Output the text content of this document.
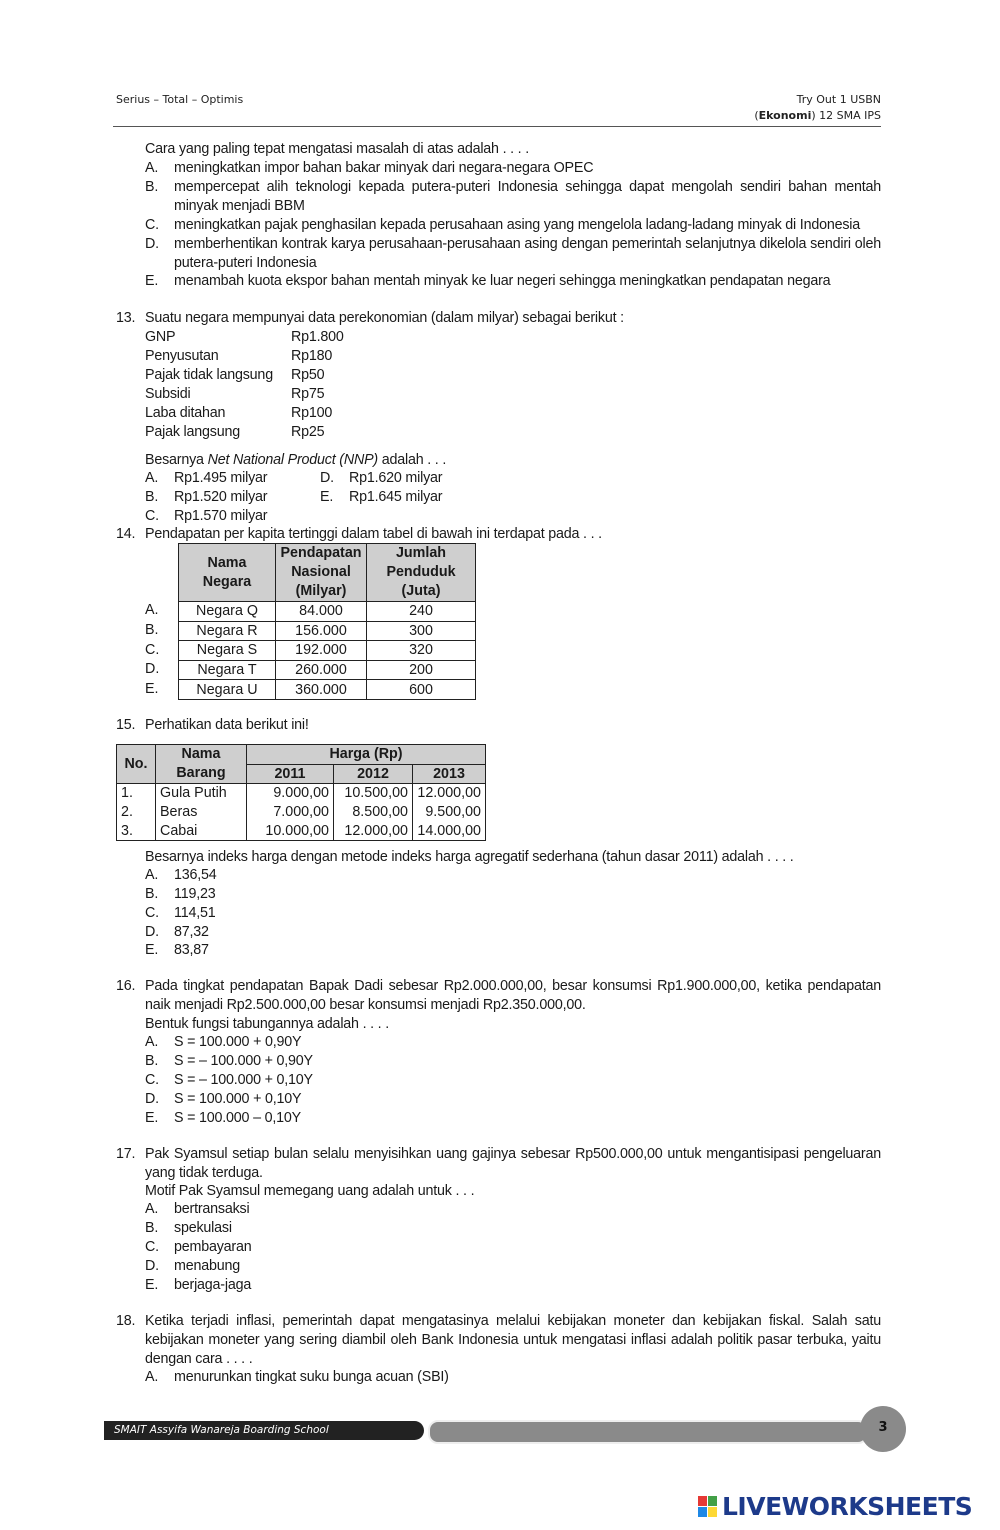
Serius – Total – Optimis	Try Out 1 USBN
(Ekonomi) 12 SMA IPS
Cara yang paling tepat mengatasi masalah di atas adalah . . . .
A. meningkatkan impor bahan bakar minyak dari negara-negara OPEC
B. mempercepat alih teknologi kepada putera-puteri Indonesia sehingga dapat mengolah sendiri bahan mentah minyak menjadi BBM
C. meningkatkan pajak penghasilan kepada perusahaan asing yang mengelola ladang-ladang minyak di Indonesia
D. memberhentikan kontrak karya perusahaan-perusahaan asing dengan pemerintah selanjutnya dikelola sendiri oleh putera-puteri Indonesia
E. menambah kuota ekspor bahan mentah minyak ke luar negeri sehingga meningkatkan pendapatan negara
13. Suatu negara mempunyai data perekonomian (dalam milyar) sebagai berikut :
GNP	Rp1.800
Penyusutan	Rp180
Pajak tidak langsung Rp50
Subsidi	Rp75
Laba ditahan	Rp100
Pajak langsung	Rp25
Besarnya Net National Product (NNP) adalah . . .
A. Rp1.495 milyar
B. Rp1.520 milyar
C. Rp1.570 milyar
D. Rp1.620 milyar
E. Rp1.645 milyar
14. Pendapatan per kapita tertinggi dalam tabel di bawah ini terdapat pada . . .
Nama Negara	Pendapatan Nasional (Milyar)	Jumlah Penduduk (Juta)
Negara Q	84.000	240
Negara R	156.000	300
Negara S	192.000	320
Negara T	260.000	200
Negara U	360.000	600
A.
B.
C.
D.
E.
15. Perhatikan data berikut ini!
No.	Nama Barang	Harga (Rp)		
		2011	2012	2013
1.	Gula Putih	9.000,00	10.500,00	12.000,00
2.	Beras	7.000,00	8.500,00	9.500,00
3.	Cabai	10.000,00	12.000,00	14.000,00
Besarnya indeks harga dengan metode indeks harga agregatif sederhana (tahun dasar 2011) adalah . . . .
A. 136,54
B. 119,23
C. 114,51
D. 87,32
E. 83,87
16. Pada tingkat pendapatan Bapak Dadi sebesar Rp2.000.000,00, besar konsumsi Rp1.900.000,00, ketika pendapatan naik menjadi Rp2.500.000,00 besar konsumsi menjadi Rp2.350.000,00.
Bentuk fungsi tabungannya adalah . . . .
A. S = 100.000 + 0,90Y
B. S = – 100.000 + 0,90Y
C. S = – 100.000 + 0,10Y
D. S = 100.000 + 0,10Y
E. S = 100.000 – 0,10Y
17. Pak Syamsul setiap bulan selalu menyisihkan uang gajinya sebesar Rp500.000,00 untuk mengantisipasi pengeluaran yang tidak terduga.
Motif Pak Syamsul memegang uang adalah untuk . . .
A. bertransaksi
B. spekulasi
C. pembayaran
D. menabung
E. berjaga-jaga
18. Ketika terjadi inflasi, pemerintah dapat mengatasinya melalui kebijakan moneter dan kebijakan fiskal. Salah satu kebijakan moneter yang sering diambil oleh Bank Indonesia untuk mengatasi inflasi adalah politik pasar terbuka, yaitu dengan cara . . . .
A. menurunkan tingkat suku bunga acuan (SBI)
SMAIT Assyifa Wanareja Boarding School	3
LIVEWORKSHEETS
